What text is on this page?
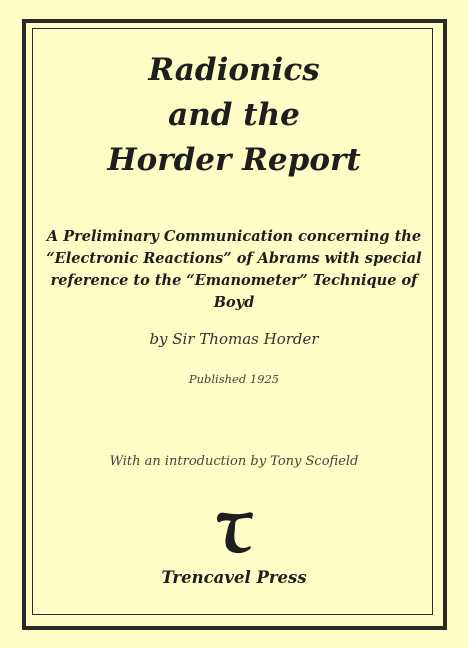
Radionics
and the
Horder Report
A Preliminary Communication concerning the “Electronic Reactions” of Abrams with special reference to the “Emanometer” Technique of Boyd
by Sir Thomas Horder
Published 1925
With an introduction by Tony Scofield
Trencavel Press
